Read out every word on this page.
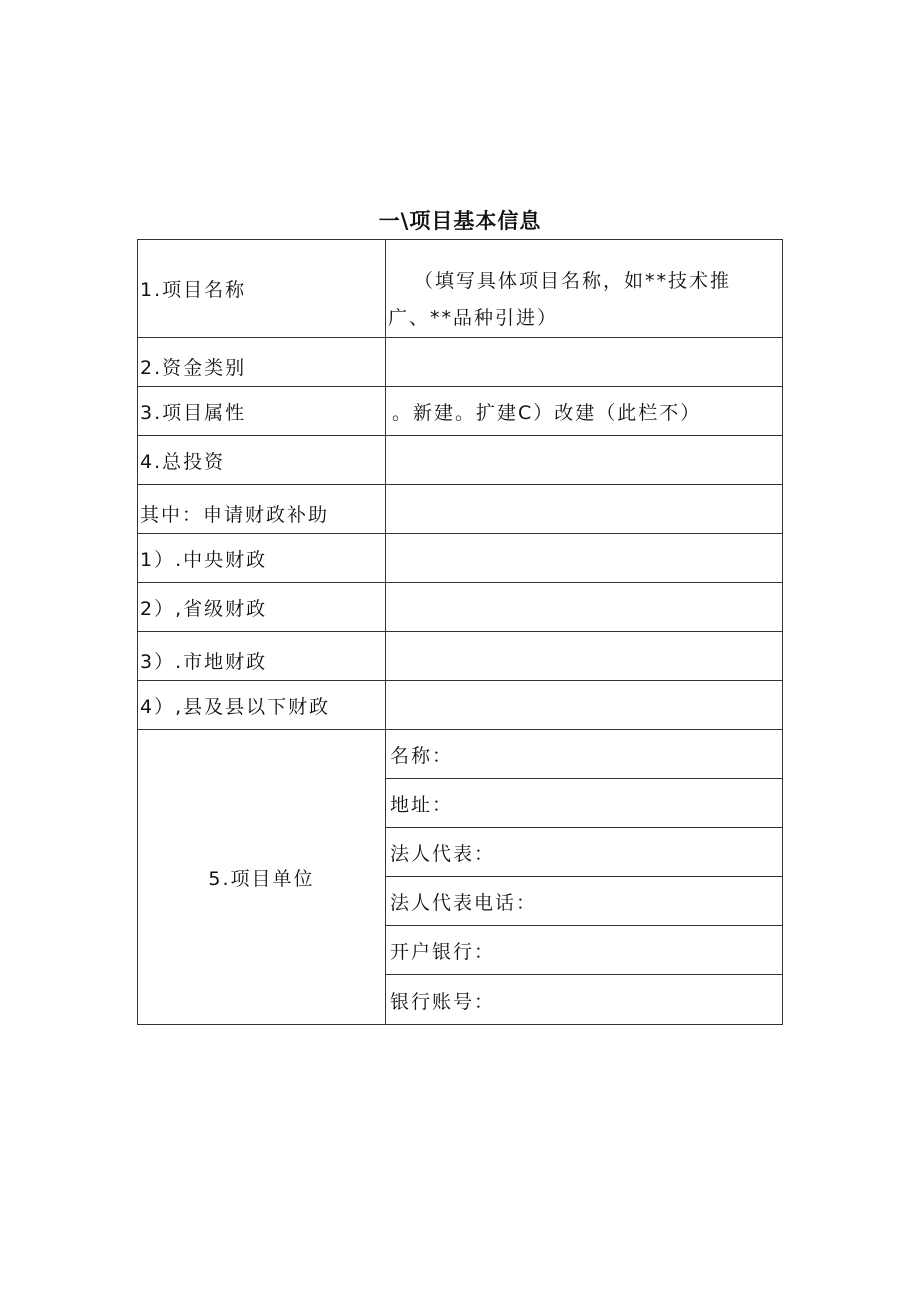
一\项目基本信息
1.项目名称	（填写具体项目名称，如**技术推
广、**品种引进）

2.资金类别	
3.项目属性	。新建。扩建C）改建（此栏不）
4.总投资	
其中：申请财政补助	
1）.中央财政	
2）,省级财政	
3）.市地财政	
4）,县及县以下财政	
5.项目单位	名称：
	地址：
	法人代表：
	法人代表电话：
	开户银行：
	银行账号：
